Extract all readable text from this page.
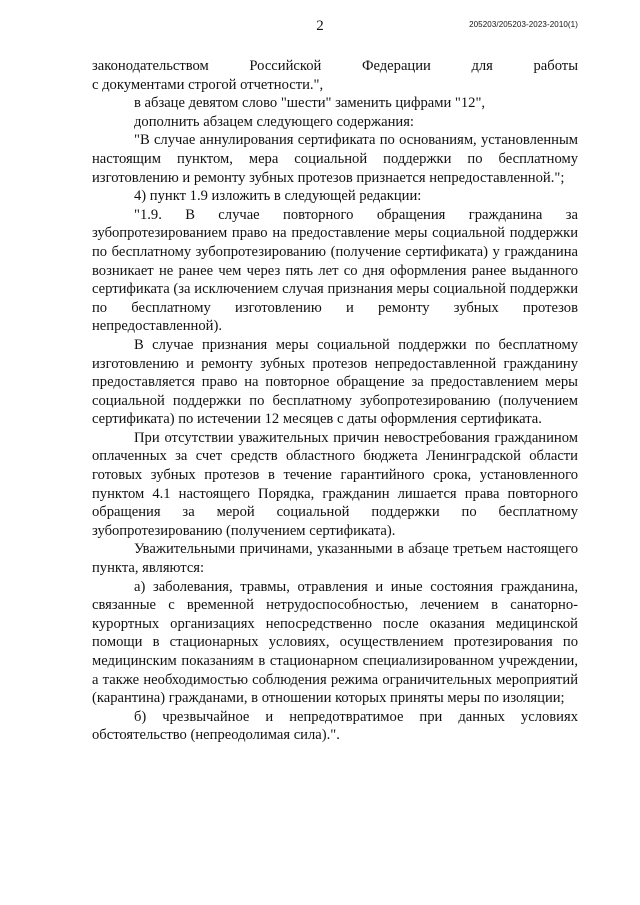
2	205203/205203-2023-2010(1)

законодательством Российской Федерации для работы

с документами строгой отчетности.",

в абзаце девятом слово "шести" заменить цифрами "12",

дополнить абзацем следующего содержания:

"В случае аннулирования сертификата по основаниям, установленным настоящим пунктом, мера социальной поддержки по бесплатному изготовлению и ремонту зубных протезов признается непредоставленной.";

4) пункт 1.9 изложить в следующей редакции:

"1.9. В случае повторного обращения гражданина за зубопротезированием право на предоставление меры социальной поддержки по бесплатному зубопротезированию (получение сертификата) у гражданина возникает не ранее чем через пять лет со дня оформления ранее выданного сертификата (за исключением случая признания меры социальной поддержки по бесплатному изготовлению и ремонту зубных протезов непредоставленной).

В случае признания меры социальной поддержки по бесплатному изготовлению и ремонту зубных протезов непредоставленной гражданину предоставляется право на повторное обращение за предоставлением меры социальной поддержки по бесплатному зубопротезированию (получением сертификата) по истечении 12 месяцев с даты оформления сертификата.

При отсутствии уважительных причин невостребования гражданином оплаченных за счет средств областного бюджета Ленинградской области готовых зубных протезов в течение гарантийного срока, установленного пунктом 4.1 настоящего Порядка, гражданин лишается права повторного обращения за мерой социальной поддержки по бесплатному зубопротезированию (получением сертификата).

Уважительными причинами, указанными в абзаце третьем настоящего пункта, являются:

а) заболевания, травмы, отравления и иные состояния гражданина, связанные с временной нетрудоспособностью, лечением в санаторно-курортных организациях непосредственно после оказания медицинской помощи в стационарных условиях, осуществлением протезирования по медицинским показаниям в стационарном специализированном учреждении, а также необходимостью соблюдения режима ограничительных мероприятий (карантина) гражданами, в отношении которых приняты меры по изоляции;

б) чрезвычайное и непредотвратимое при данных условиях обстоятельство (непреодолимая сила).".
